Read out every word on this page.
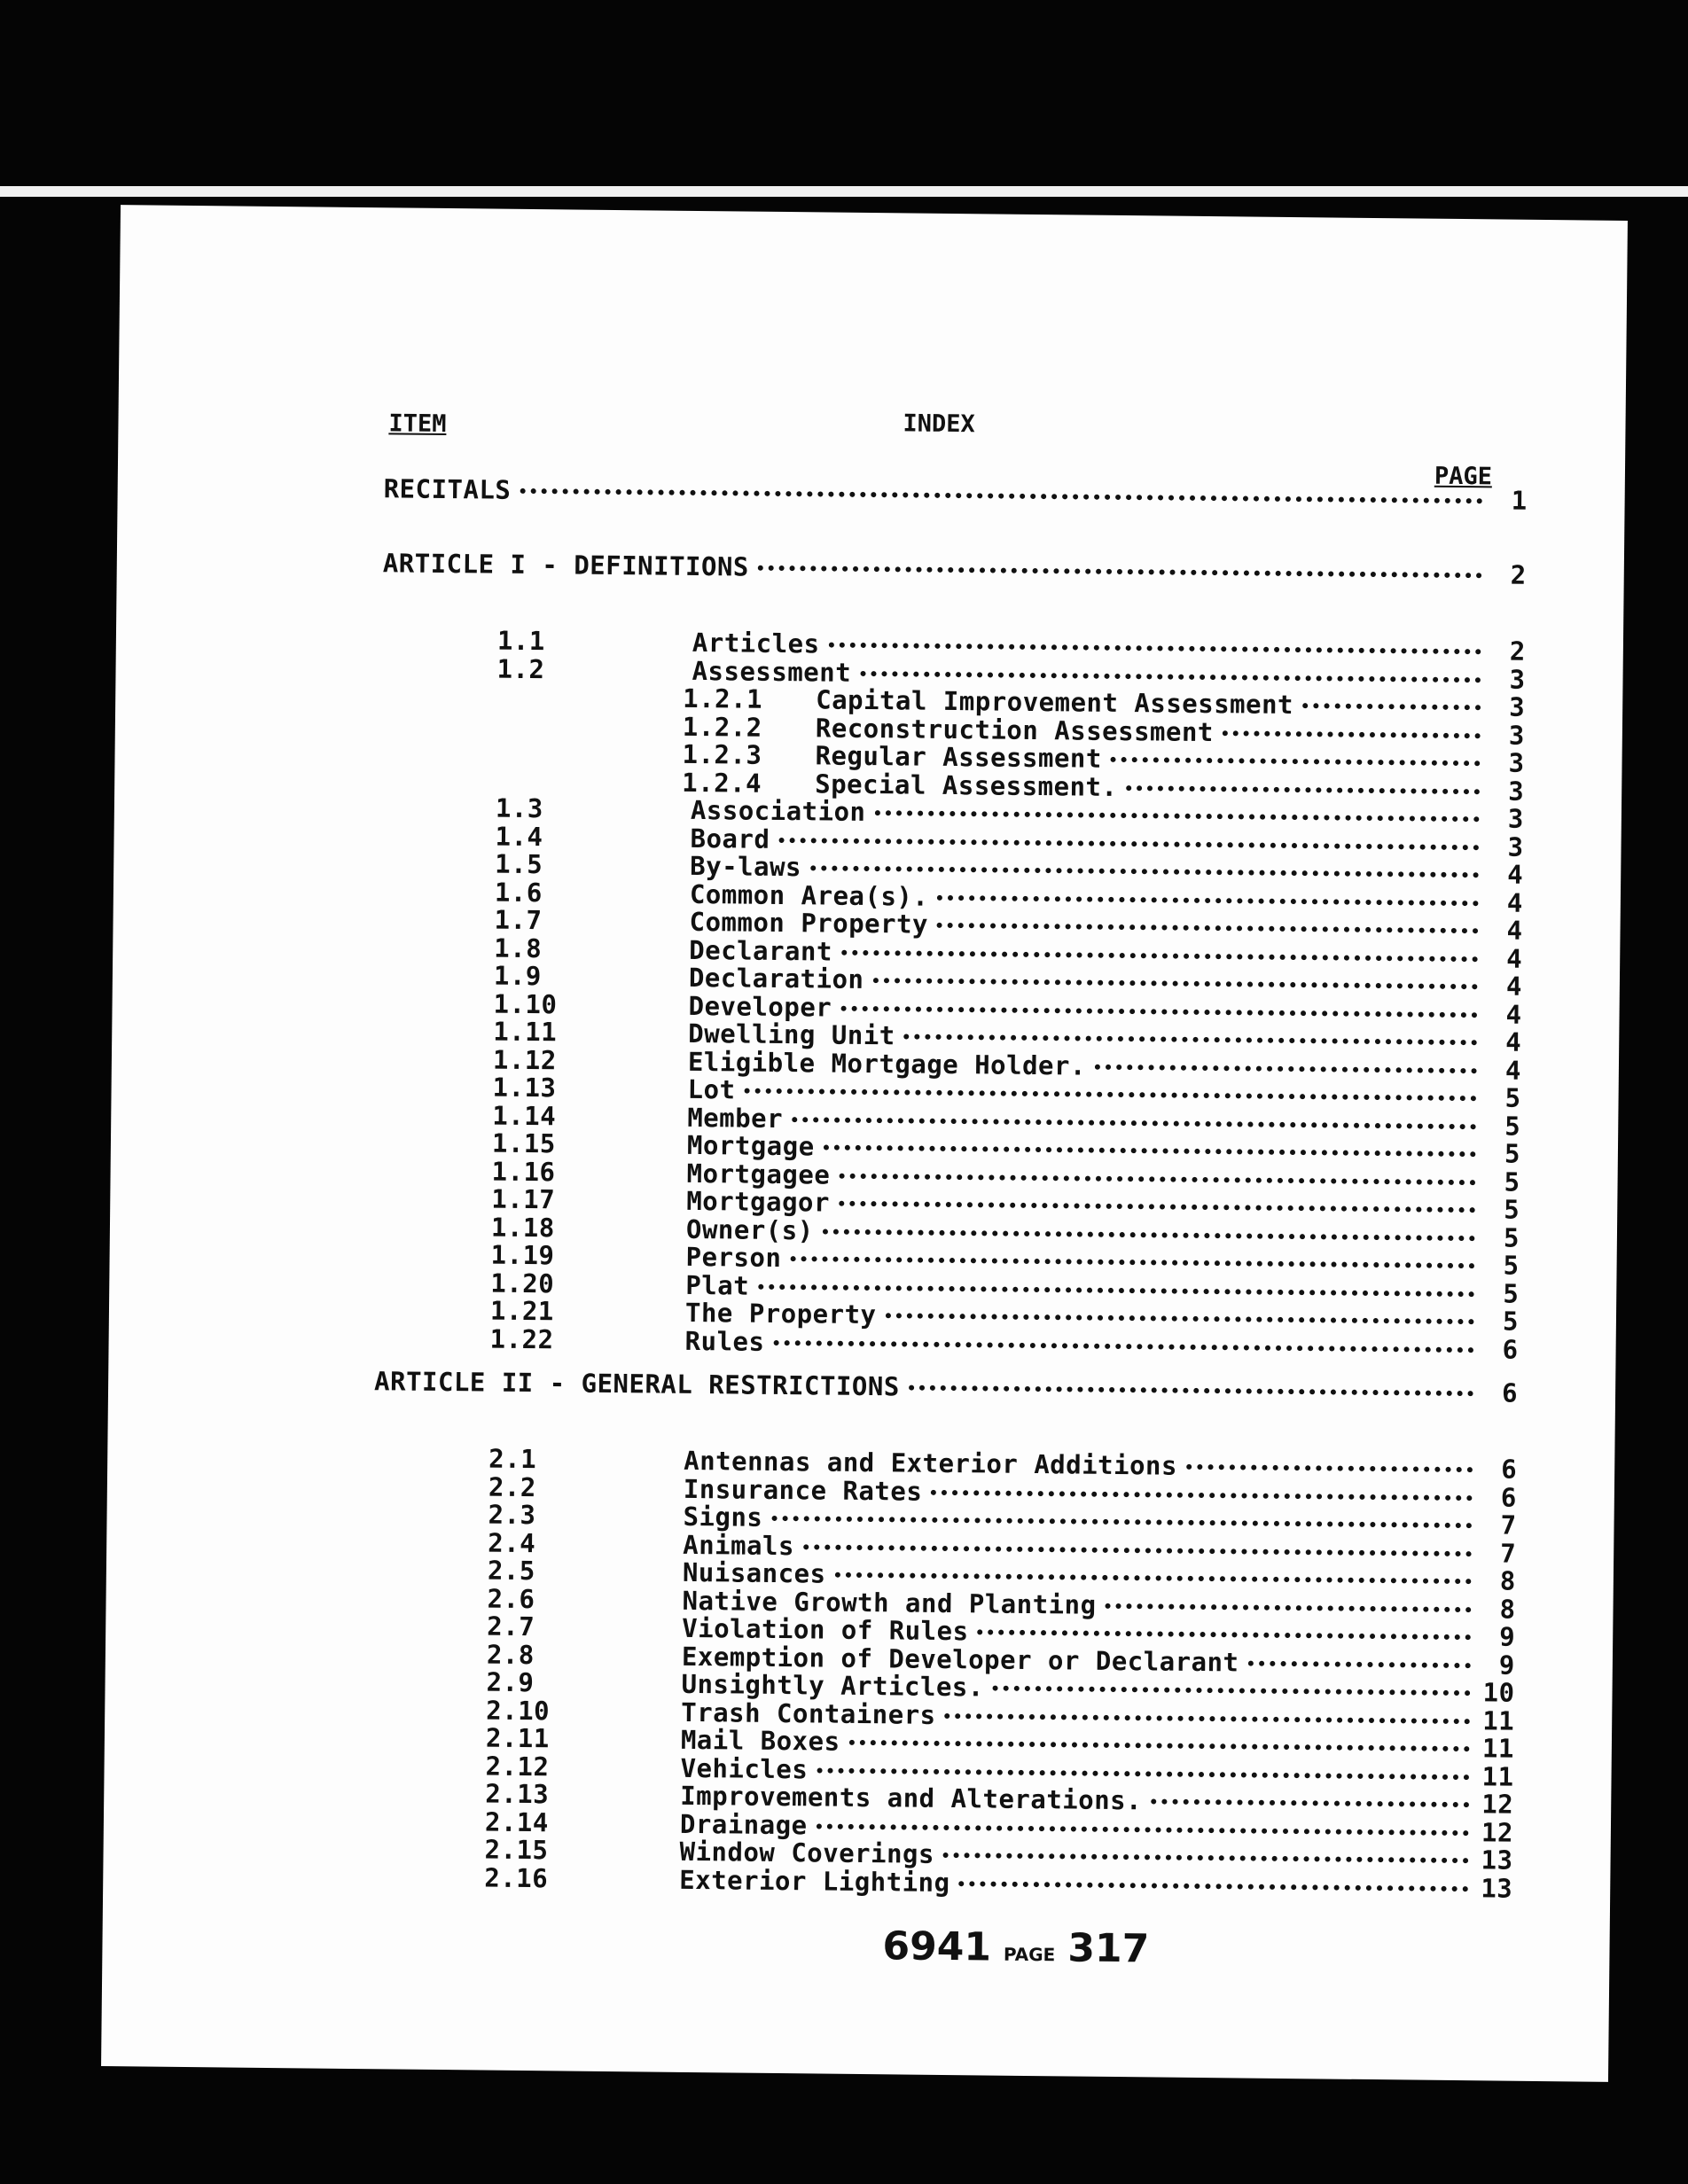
ITEM	INDEX
PAGE
RECITALS	1
ARTICLE I - DEFINITIONS	2
1.1	Articles	2
1.2	Assessment	3
1.2.1	Capital Improvement Assessment	3
1.2.2	Reconstruction Assessment	3
1.2.3	Regular Assessment	3
1.2.4	Special Assessment.	3
1.3	Association	3
1.4	Board	3
1.5	By-laws	4
1.6	Common Area(s).	4
1.7	Common Property	4
1.8	Declarant	4
1.9	Declaration	4
1.10	Developer	4
1.11	Dwelling Unit	4
1.12	Eligible Mortgage Holder.	4
1.13	Lot	5
1.14	Member	5
1.15	Mortgage	5
1.16	Mortgagee	5
1.17	Mortgagor	5
1.18	Owner(s)	5
1.19	Person	5
1.20	Plat	5
1.21	The Property	5
1.22	Rules	6
ARTICLE II - GENERAL RESTRICTIONS	6
2.1	Antennas and Exterior Additions	6
2.2	Insurance Rates	6
2.3	Signs	7
2.4	Animals	7
2.5	Nuisances	8
2.6	Native Growth and Planting	8
2.7	Violation of Rules	9
2.8	Exemption of Developer or Declarant	9
2.9	Unsightly Articles.	10
2.10	Trash Containers	11
2.11	Mail Boxes	11
2.12	Vehicles	11
2.13	Improvements and Alterations.	12
2.14	Drainage	12
2.15	Window Coverings	13
2.16	Exterior Lighting	13
6941 PAGE 317
